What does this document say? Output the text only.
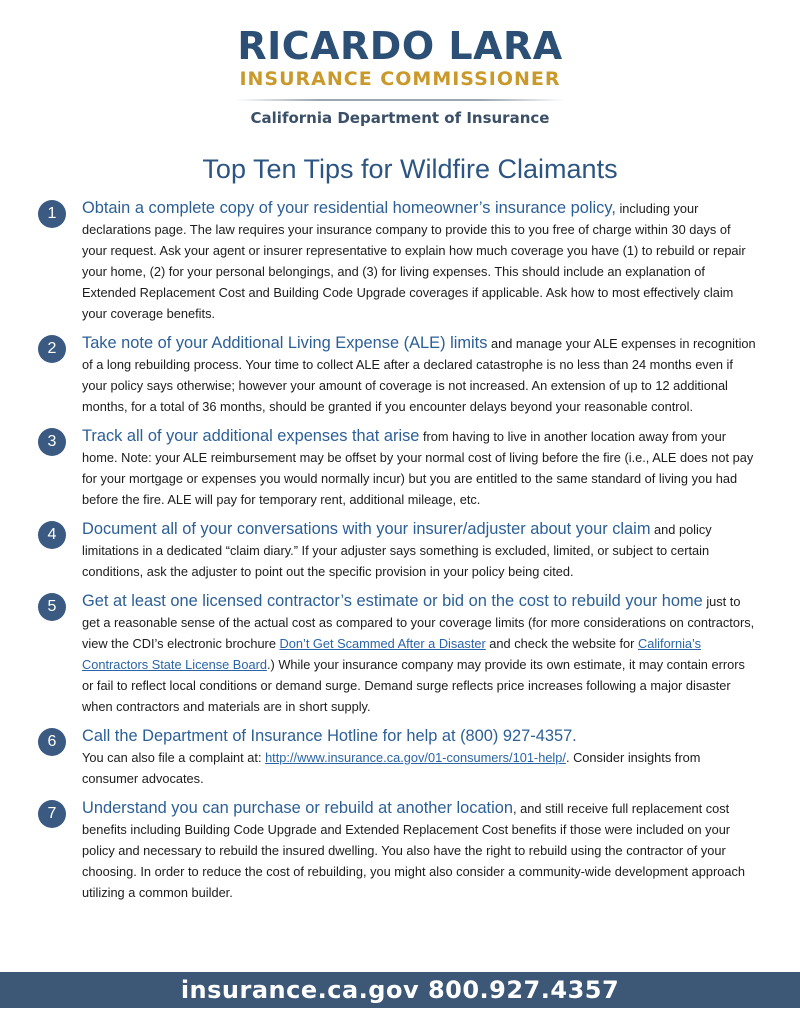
RICARDO LARA
INSURANCE COMMISSIONER
California Department of Insurance
Top Ten Tips for Wildfire Claimants
1	Obtain a complete copy of your residential homeowner’s insurance policy, including your declarations page. The law requires your insurance company to provide this to you free of charge within 30 days of your request. Ask your agent or insurer representative to explain how much coverage you have (1) to rebuild or repair your home, (2) for your personal belongings, and (3) for living expenses. This should include an explanation of Extended Replacement Cost and Building Code Upgrade coverages if applicable. Ask how to most effectively claim your coverage benefits.
2	Take note of your Additional Living Expense (ALE) limits and manage your ALE expenses in recognition of a long rebuilding process. Your time to collect ALE after a declared catastrophe is no less than 24 months even if your policy says otherwise; however your amount of coverage is not increased. An extension of up to 12 additional months, for a total of 36 months, should be granted if you encounter delays beyond your reasonable control.
3	Track all of your additional expenses that arise from having to live in another location away from your home. Note: your ALE reimbursement may be offset by your normal cost of living before the fire (i.e., ALE does not pay for your mortgage or expenses you would normally incur) but you are entitled to the same standard of living you had before the fire. ALE will pay for temporary rent, additional mileage, etc.
4	Document all of your conversations with your insurer/adjuster about your claim and policy limitations in a dedicated “claim diary.” If your adjuster says something is excluded, limited, or subject to certain conditions, ask the adjuster to point out the specific provision in your policy being cited.
5	Get at least one licensed contractor’s estimate or bid on the cost to rebuild your home just to get a reasonable sense of the actual cost as compared to your coverage limits (for more considerations on contractors, view the CDI’s electronic brochure Don’t Get Scammed After a Disaster and check the website for California’s Contractors State License Board.) While your insurance company may provide its own estimate, it may contain errors or fail to reflect local conditions or demand surge. Demand surge reflects price increases following a major disaster when contractors and materials are in short supply.
6	Call the Department of Insurance Hotline for help at (800) 927-4357.
You can also file a complaint at: http://www.insurance.ca.gov/01-consumers/101-help/. Consider insights from consumer advocates.
7	Understand you can purchase or rebuild at another location, and still receive full replacement cost benefits including Building Code Upgrade and Extended Replacement Cost benefits if those were included on your policy and necessary to rebuild the insured dwelling. You also have the right to rebuild using the contractor of your choosing. In order to reduce the cost of rebuilding, you might also consider a community-wide development approach utilizing a common builder.
insurance.ca.gov 800.927.4357
